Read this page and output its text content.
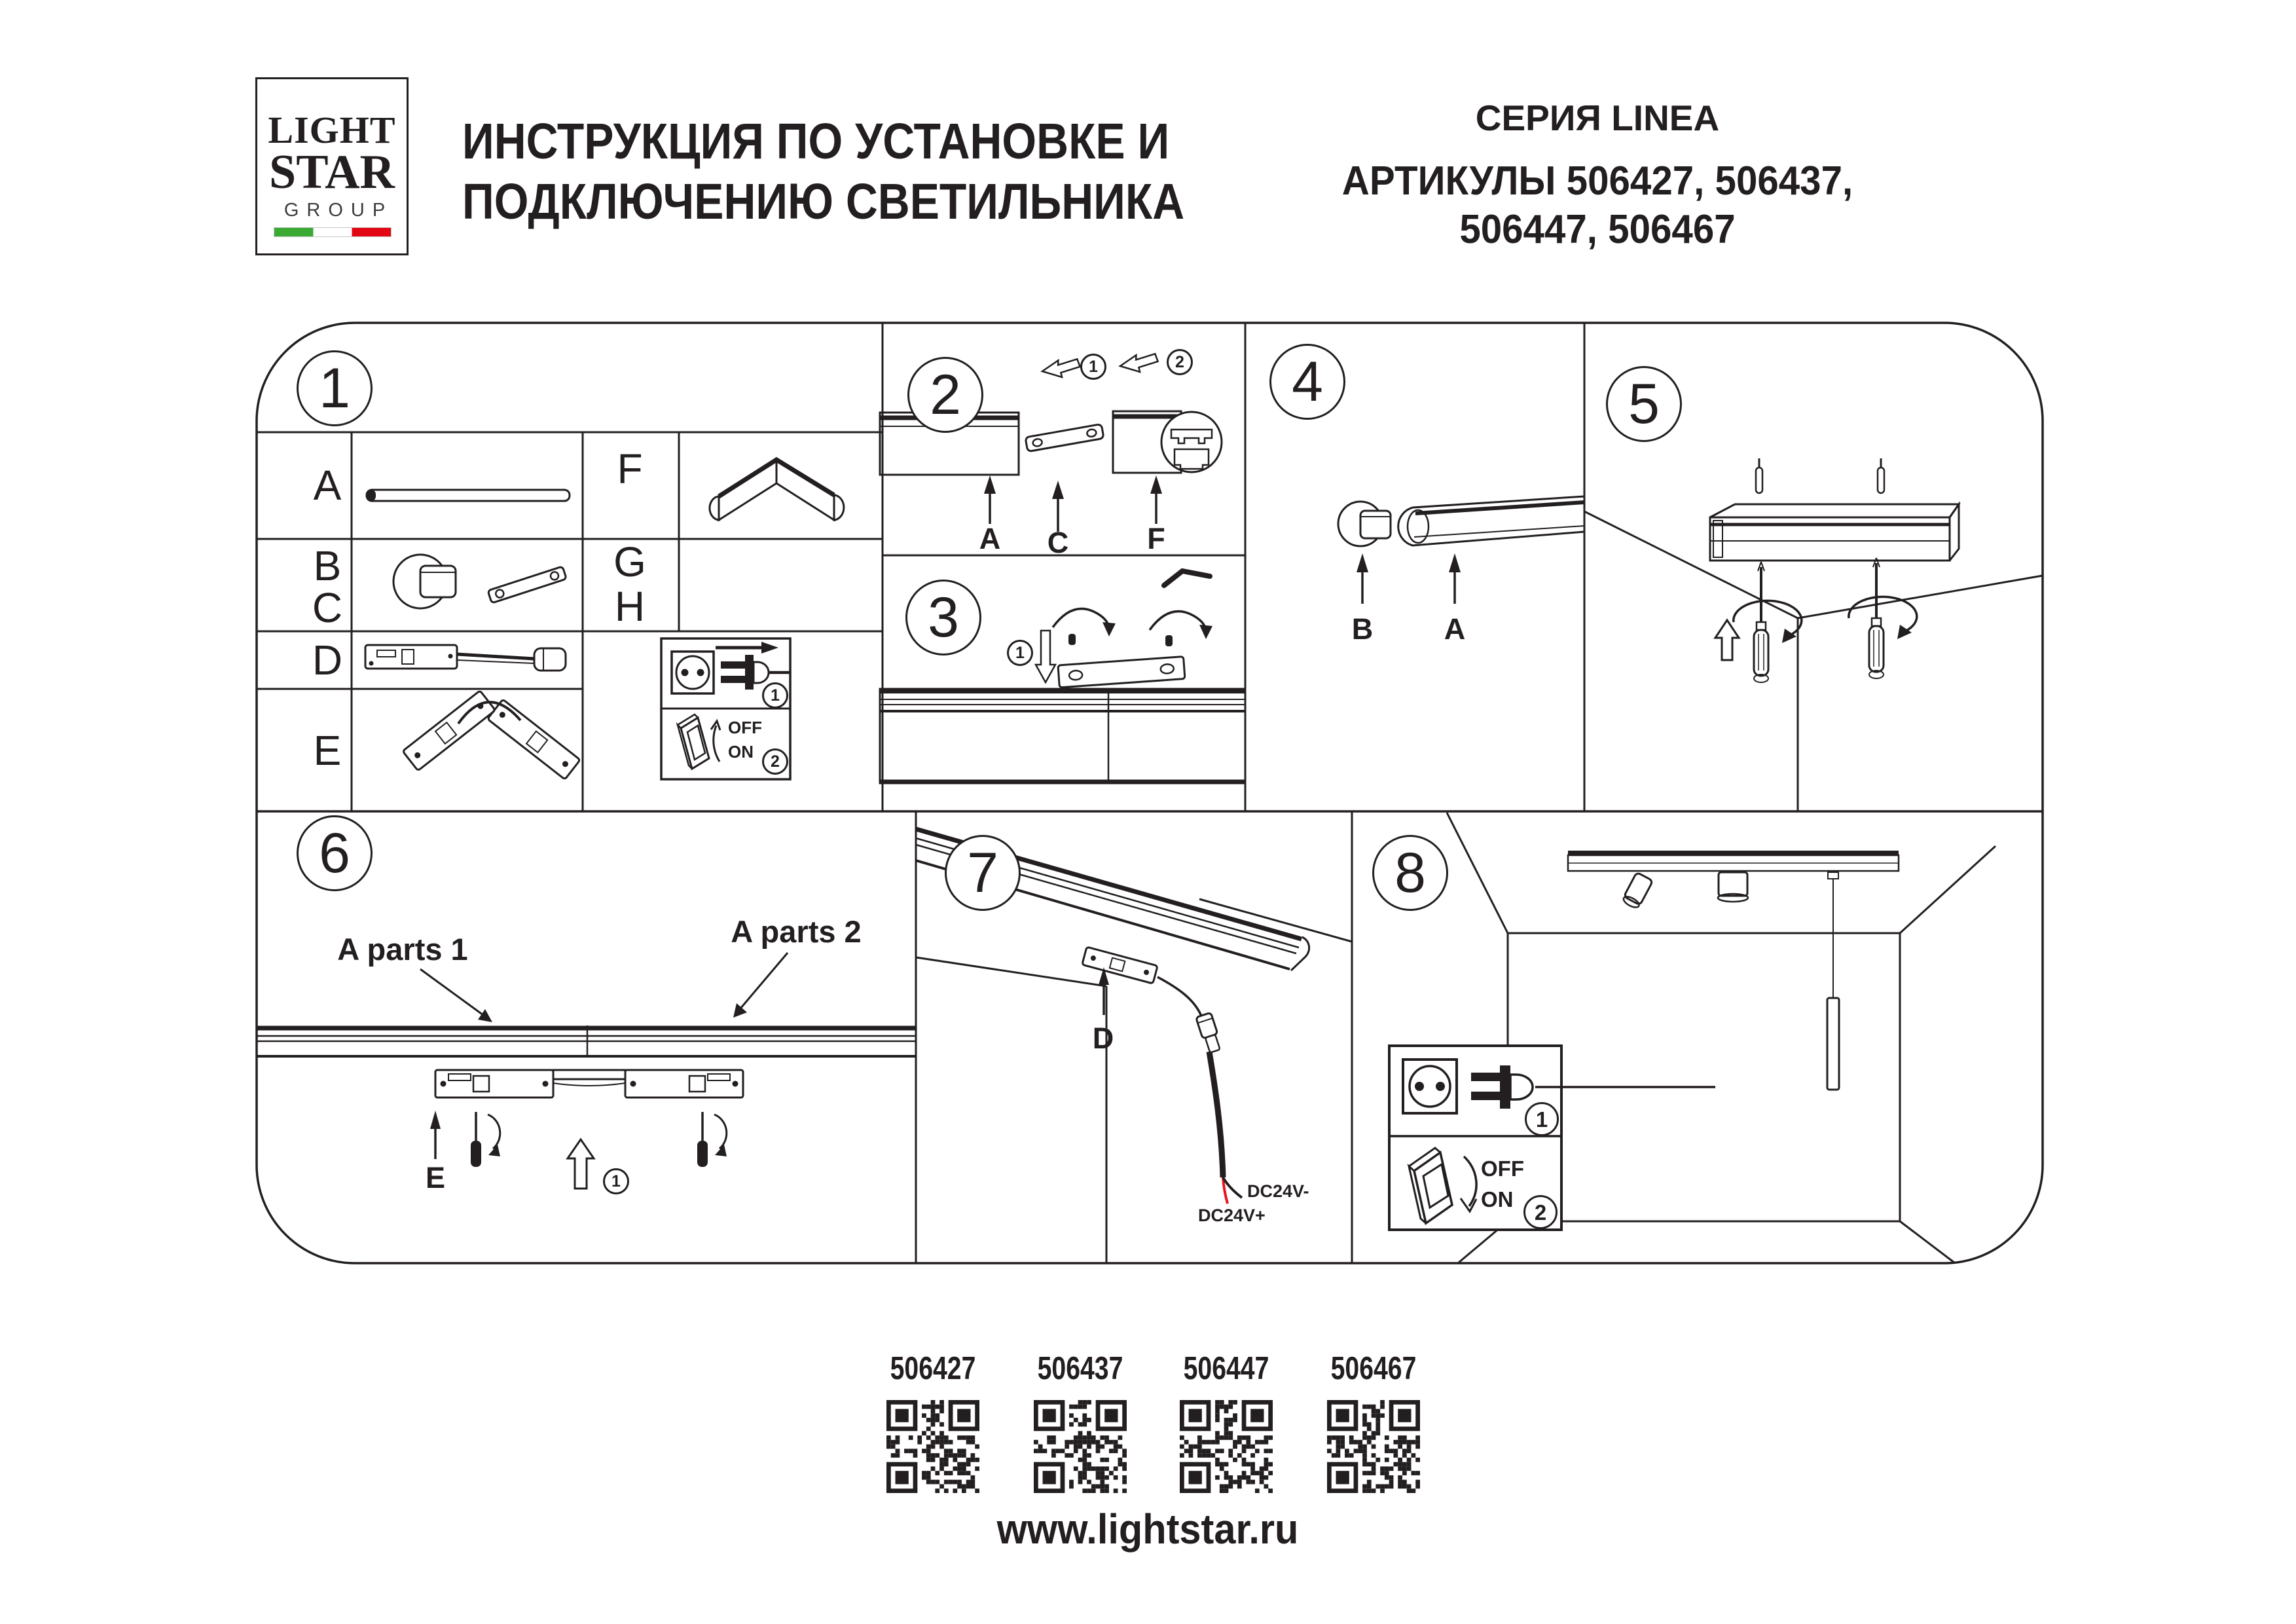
LIGHT
STAR
GROUP
ИНСТРУКЦИЯ ПО УСТАНОВКЕ И
ПОДКЛЮЧЕНИЮ СВЕТИЛЬНИКА
СЕРИЯ LINEA
АРТИКУЛЫ 506427, 506437,
506447, 506467
1	2
3
4	5
6	7	8
A
B
C
D
E
F
G
H
1
OFF
ON	2
1	2
A	C	F
1
B	A
A parts 1
A parts 2
E	1
D
DC24V-
DC24V+
1
OFF
ON
2
506427	506437	506447	506467
www.lightstar.ru
